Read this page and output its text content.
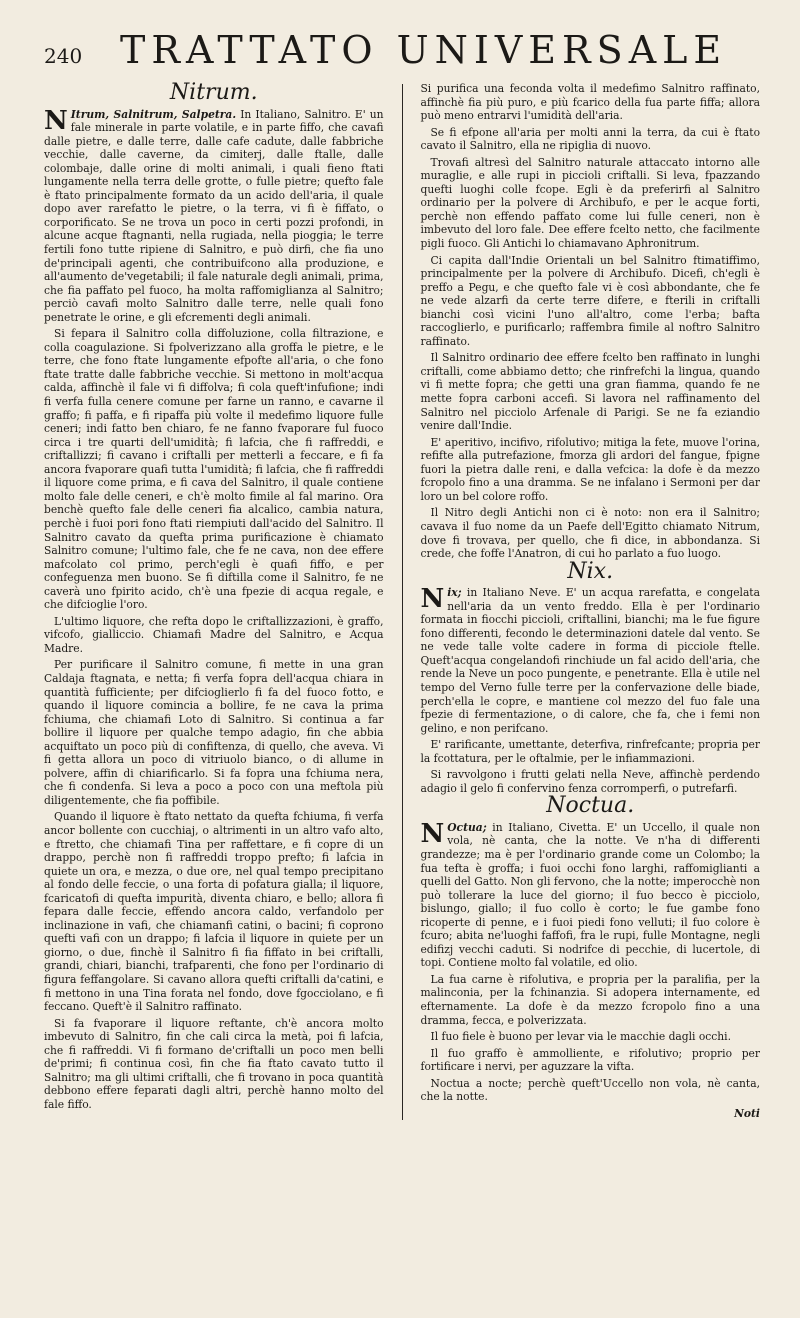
240 TRATTATO UNIVERSALE
Nitrum.

N Itrum, Salnitrum, Salpetra. In Italiano, Salnitro. E' un fale minerale in parte volatile, e in parte fiffo, che cavafi dalle pietre, e dalle terre, dalle cafe cadute, dalle fabbriche vecchie, dalle caverne, da cimiterj, dalle ftalle, dalle colombaje, dalle orine di molti animali, i quali fieno ftati lungamente nella terra delle grotte, o fulle pietre; quefto fale è ftato principalmente formato da un acido dell'aria, il quale dopo aver rarefatto le pietre, o la terra, vi fi è fiffato, o corporificato. Se ne trova un poco in certi pozzi profondi, in alcune acque ftagnanti, nella rugiada, nella pioggia; le terre fertili fono tutte ripiene di Salnitro, e può dirfi, che fia uno de'principali agenti, che contribuifcono alla produzione, e all'aumento de'vegetabili; il fale naturale degli animali, prima, che fia paffato pel fuoco, ha molta raffomiglianza al Salnitro; perciò cavafi molto Salnitro dalle terre, nelle quali fono penetrate le orine, e gli efcrementi degli animali.

Si fepara il Salnitro colla diffoluzione, colla filtrazione, e colla coagulazione. Si fpolverizzano alla groffa le pietre, e le terre, che fono ftate lungamente efpofte all'aria, o che fono ftate tratte dalle fabbriche vecchie. Si mettono in molt'acqua calda, affinchè il fale vi fi diffolva; fi cola queft'infufione; indi fi verfa fulla cenere comune per farne un ranno, e cavarne il graffo; fi paffa, e fi ripaffa più volte il medefimo liquore fulle ceneri; indi fatto ben chiaro, fe ne fanno fvaporare ful fuoco circa i tre quarti dell'umidità; fi lafcia, che fi raffreddi, e criftallizzi; fi cavano i criftalli per metterli a feccare, e fi fa ancora fvaporare quafi tutta l'umidità; fi lafcia, che fi raffreddi il liquore come prima, e fi cava del Salnitro, il quale contiene molto fale delle ceneri, e ch'è molto fimile al fal marino. Ora benchè quefto fale delle ceneri fia alcalico, cambia natura, perchè i fuoi pori fono ftati riempiuti dall'acido del Salnitro. Il Salnitro cavato da quefta prima purificazione è chiamato Salnitro comune; l'ultimo fale, che fe ne cava, non dee effere mafcolato col primo, perch'egli è quafi fiffo, e per confeguenza men buono. Se fi diftilla come il Salnitro, fe ne caverà uno fpirito acido, ch'è una fpezie di acqua regale, e che difcioglie l'oro.

L'ultimo liquore, che refta dopo le criftallizzazioni, è graffo, vifcofo, gialliccio. Chiamafi Madre del Salnitro, e Acqua Madre.

Per purificare il Salnitro comune, fi mette in una gran Caldaja ftagnata, e netta; fi verfa fopra dell'acqua chiara in quantità fufficiente; per difcioglierlo fi fa del fuoco fotto, e quando il liquore comincia a bollire, fe ne cava la prima fchiuma, che chiamafi Loto di Salnitro. Si continua a far bollire il liquore per qualche tempo adagio, fin che abbia acquiftato un poco più di confiftenza, di quello, che aveva. Vi fi getta allora un poco di vitriuolo bianco, o di allume in polvere, affin di chiarificarlo. Si fa fopra una fchiuma nera, che fi condenfa. Si leva a poco a poco con una meftola più diligentemente, che fia poffibile.

Quando il liquore è ftato nettato da quefta fchiuma, fi verfa ancor bollente con cucchiaj, o altrimenti in un altro vafo alto, e ftretto, che chiamafi Tina per raffettare, e fi copre di un drappo, perchè non fi raffreddi troppo prefto; fi lafcia in quiete un ora, e mezza, o due ore, nel qual tempo precipitano al fondo delle feccie, o una forta di pofatura gialla; il liquore, fcaricatofi di quefta impurità, diventa chiaro, e bello; allora fi fepara dalle feccie, effendo ancora caldo, verfandolo per inclinazione in vafi, che chiamanfi catini, o bacini; fi coprono quefti vafi con un drappo; fi lafcia il liquore in quiete per un giorno, o due, finchè il Salnitro fi fia fiffato in bei criftalli, grandi, chiari, bianchi, trafparenti, che fono per l'ordinario di figura feffangolare. Si cavano allora quefti criftalli da'catini, e fi mettono in una Tina forata nel fondo, dove fgocciolano, e fi feccano. Queft'è il Salnitro raffinato.

Si fa fvaporare il liquore reftante, ch'è ancora molto imbevuto di Salnitro, fin che cali circa la metà, poi fi lafcia, che fi raffreddi. Vi fi formano de'criftalli un poco men belli de'primi; fi continua così, fin che fia ftato cavato tutto il Salnitro; ma gli ultimi criftalli, che fi trovano in poca quantità debbono effere feparati dagli altri, perchè hanno molto del fale fiffo.

Si purifica una feconda volta il medefimo Salnitro raffinato, affinchè fia più puro, e più fcarico della fua parte fiffa; allora può meno entrarvi l'umidità dell'aria.

Se fi efpone all'aria per molti anni la terra, da cui è ftato cavato il Salnitro, ella ne ripiglia di nuovo.

Trovafi altresì del Salnitro naturale attaccato intorno alle muraglie, e alle rupi in piccioli criftalli. Si leva, fpazzando quefti luoghi colle fcope. Egli è da preferirfi al Salnitro ordinario per la polvere di Archibufo, e per le acque forti, perchè non effendo paffato come lui fulle ceneri, non è imbevuto del loro fale. Dee effere fcelto netto, che facilmente pigli fuoco. Gli Antichi lo chiamavano Aphronitrum.

Ci capita dall'Indie Orientali un bel Salnitro ftimatiffimo, principalmente per la polvere di Archibufo. Dicefi, ch'egli è preffo a Pegu, e che quefto fale vi è così abbondante, che fe ne vede alzarfi da certe terre difeте, e fterili in criftalli bianchi così vicini l'uno all'altro, come l'erba; bafta raccoglierlo, e purificarlo; raffembra fimile al noftro Salnitro raffinato.

Il Salnitro ordinario dee effere fcelto ben raffinato in lunghi criftalli, come abbiamo detto; che rinfrefchi la lingua, quando vi fi mette fopra; che getti una gran fiamma, quando fe ne mette fopra carboni accefi. Si lavora nel raffinamento del Salnitro nel picciolo Arfenale di Parigi. Se ne fa eziandio venire dall'Indie.

E' aperitivo, incifivo, rifolutivo; mitiga la fete, muove l'orina, refifte alla putrefazione, fmorza gli ardori del fangue, fpigne fuori la pietra dalle reni, e dalla vefcica: la dofe è da mezzo fcropolo fino a una dramma. Se ne infalano i Sermoni per dar loro un bel colore roffo.

Il Nitro degli Antichi non ci è noto: non era il Salnitro; cavava il fuo nome da un Paefe dell'Egitto chiamato Nitrum, dove fi trovava, per quello, che fi dice, in abbondanza. Si crede, che foffe l'Anatron, di cui ho parlato a fuo luogo.

Nix.

Nix; in Italiano Neve. E' un acqua rarefatta, e congelata nell'aria da un vento freddo. Ella è per l'ordinario formata in fiocchi piccioli, criftallini, bianchi; ma le fue figure fono differenti, fecondo le determinazioni datele dal vento. Se ne vede talle volte cadere in forma di picciole ftelle. Queft'acqua congelandofi rinchiude un fal acido dell'aria, che rende la Neve un poco pungente, e penetrante. Ella è utile nel tempo del Verno fulle terre per la confervazione delle biade, perch'ella le copre, e mantiene col mezzo del fuo fale una fpezie di fermentazione, o di calore, che fa, che i femi non gelino, e non perifcano.

E' rarificante, umettante, deterfiva, rinfrefcante; propria per la fcottatura, per le oftalmie, per le infiammazioni.

Si ravvolgono i frutti gelati nella Neve, affinchè perdendo adagio il gelo fi confervino fenza corromperfi, o putrefarfi.

Noctua.

N Octua; in Italiano, Civetta. E' un Uccello, il quale non vola, nè canta, che la notte. Ve n'ha di differenti grandezze; ma è per l'ordinario grande come un Colombo; la fua tefta è groffa; i fuoi occhi fono larghi, raffomiglianti a quelli del Gatto. Non gli fervono, che la notte; imperocchè non può tollerare la luce del giorno; il fuo becco è picciolo, bislungo, giallo; il fuo collo è corto; le fue gambe fono ricoperte di penne, e i fuoi piedi fono velluti; il fuo colore è fcuro; abita ne'luoghi faffofi, fra le rupi, fulle Montagne, negli edifizj vecchi caduti. Si nodrifce di pecchie, di lucertole, di topi. Contiene molto fal volatile, ed olio.

La fua carne è rifolutiva, e propria per la paralifia, per la malinconia, per la fchinanzia. Si adopera internamente, ed efternamente. La dofe è da mezzo fcropolo fino a una dramma, fecca, e polverizzata.

Il fuo fiele è buono per levar via le macchie dagli occhi.

Il fuo graffo è ammolliente, e rifolutivo; proprio per fortificare i nervi, per aguzzare la vifta.

Noctua a nocte; perchè queft'Uccello non vola, nè canta, che la notte.

Noti
